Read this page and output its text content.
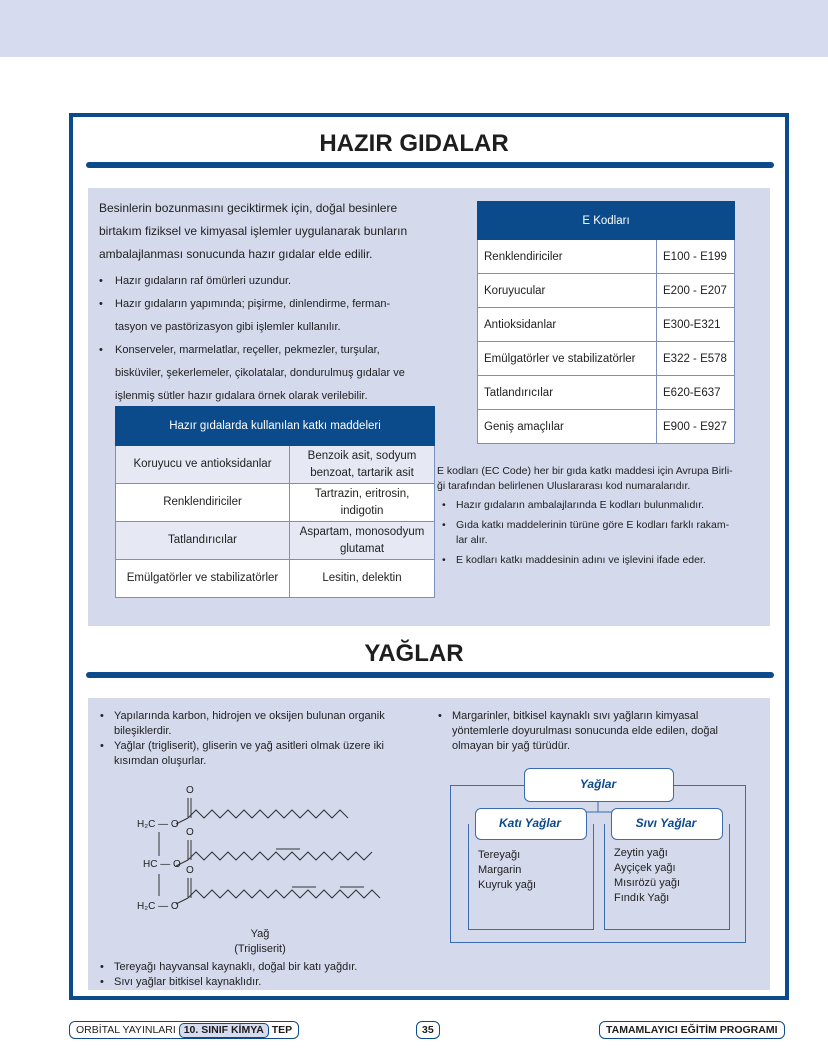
HAZIR GIDALAR
Besinlerin bozunmasını geciktirmek için, doğal besinlere
birtakım fiziksel ve kimyasal işlemler uygulanarak bunların
ambalajlanması sonucunda hazır gıdalar elde edilir.
• Hazır gıdaların raf ömürleri uzundur.
• Hazır gıdaların yapımında; pişirme, dinlendirme, ferman-
tasyon ve pastörizasyon gibi işlemler kullanılır.
• Konserveler, marmelatlar, reçeller, pekmezler, turşular,
bisküviler, şekerlemeler, çikolatalar, dondurulmuş gıdalar ve
işlenmiş sütler hazır gıdalara örnek olarak verilebilir.
Hazır gıdalarda kullanılan katkı maddeleri	
Koruyucu ve antioksidanlar	Benzoik asit, sodyum benzoat, tartarik asit
Renklendiriciler	Tartrazin, eritrosin, indigotin
Tatlandırıcılar	Aspartam, monosodyum glutamat
Emülgatörler ve stabilizatörler	Lesitin, delektin
E Kodları	
Renklendiriciler	E100 - E199
Koruyucular	E200 - E207
Antioksidanlar	E300-E321
Emülgatörler ve stabilizatörler	E322 - E578
Tatlandırıcılar	E620-E637
Geniş amaçlılar	E900 - E927
E kodları (EC Code) her bir gıda katkı maddesi için Avrupa Birli-
ği tarafından belirlenen Uluslararası kod numaralarıdır.
• Hazır gıdaların ambalajlarında E kodları bulunmalıdır.
• Gıda katkı maddelerinin türüne göre E kodları farklı rakam-
lar alır.
• E kodları katkı maddesinin adını ve işlevini ifade eder.
YAĞLAR
• Yapılarında karbon, hidrojen ve oksijen bulunan organik
bileşiklerdir.
• Yağlar (trigliserit), gliserin ve yağ asitleri olmak üzere iki
kısımdan oluşurlar.
• Margarinler, bitkisel kaynaklı sıvı yağların kimyasal
yöntemlerle doyurulması sonucunda elde edilen, doğal
olmayan bir yağ türüdür.
H₂C — O
HC — O
H₂C — O
O
O
O
Yağ
(Trigliserit)
• Tereyağı hayvansal kaynaklı, doğal bir katı yağdır.
• Sıvı yağlar bitkisel kaynaklıdır.
Yağlar
Katı Yağlar
Tereyağı
Margarin
Kuyruk yağı
Sıvı Yağlar
Zeytin yağı
Ayçiçek yağı
Mısırözü yağı
Fındık Yağı
ORBİTAL YAYINLARI 10. SINIF KİMYA TEP	35	TAMAMLAYICI EĞİTİM PROGRAMI
